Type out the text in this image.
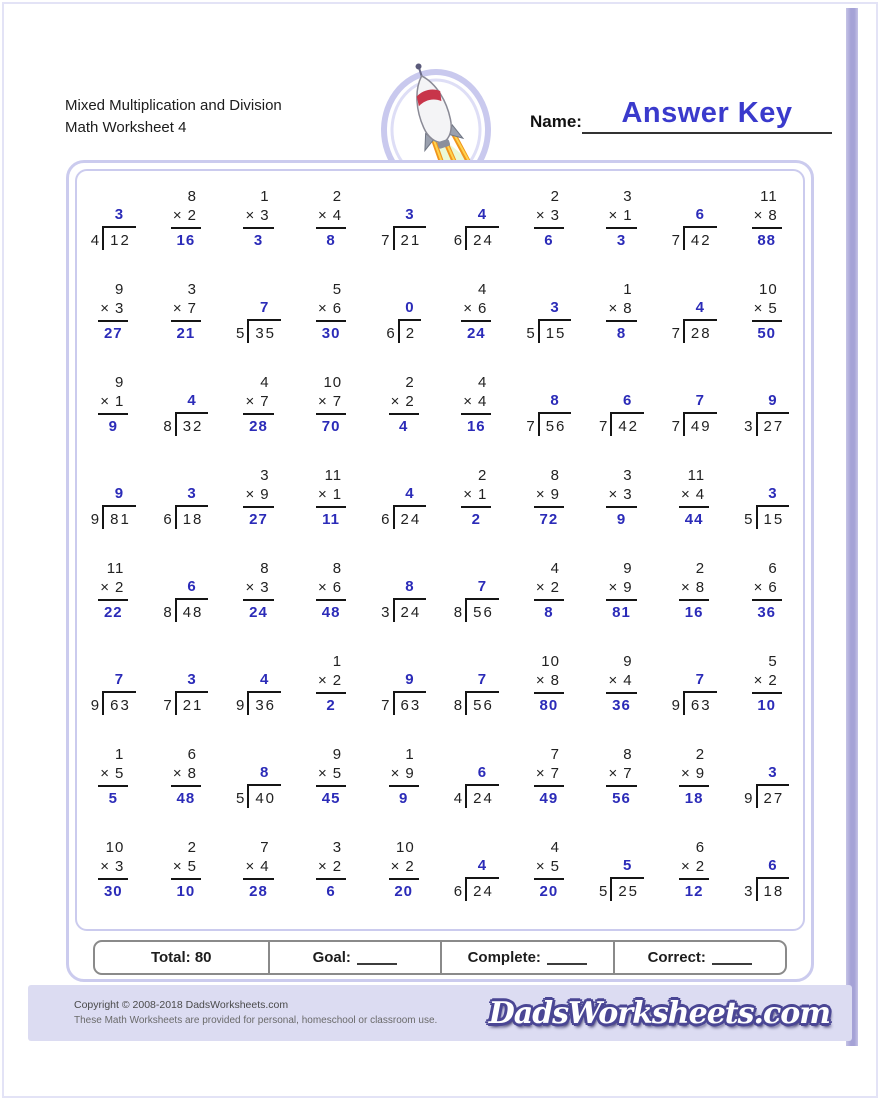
Mixed Multiplication and Division
Math Worksheet 4	Name:	Answer Key
3
4 12
8
× 2
16
1
× 3
3
2
× 4
8
3
7 21
4
6 24
2
× 3
6
3
× 1
3
6
7 42
11
× 8
88
9
× 3
27
3
× 7
21
7
5 35
5
× 6
30
0
6 2
4
× 6
24
3
5 15
1
× 8
8
4
7 28
10
× 5
50
9
× 1
9
4
8 32
4
× 7
28
10
× 7
70
2
× 2
4
4
× 4
16
8
7 56
6
7 42
7
7 49
9
3 27
9
9 81
3
6 18
3
× 9
27
11
× 1
11
4
6 24
2
× 1
2
8
× 9
72
3
× 3
9
11
× 4
44
3
5 15
11
× 2
22
6
8 48
8
× 3
24
8
× 6
48
8
3 24
7
8 56
4
× 2
8
9
× 9
81
2
× 8
16
6
× 6
36
7
9 63
3
7 21
4
9 36
1
× 2
2
9
7 63
7
8 56
10
× 8
80
9
× 4
36
7
9 63
5
× 2
10
1
× 5
5
6
× 8
48
8
5 40
9
× 5
45
1
× 9
9
6
4 24
7
× 7
49
8
× 7
56
2
× 9
18
3
9 27
10
× 3
30
2
× 5
10
7
× 4
28
3
× 2
6
10
× 2
20
4
6 24
4
× 5
20
5
5 25
6
× 2
12
6
3 18
Total: 80	Goal:	Complete:	Correct:
Copyright © 2008-2018 DadsWorksheets.com
These Math Worksheets are provided for personal, homeschool or classroom use. DadsWorksheets.com
